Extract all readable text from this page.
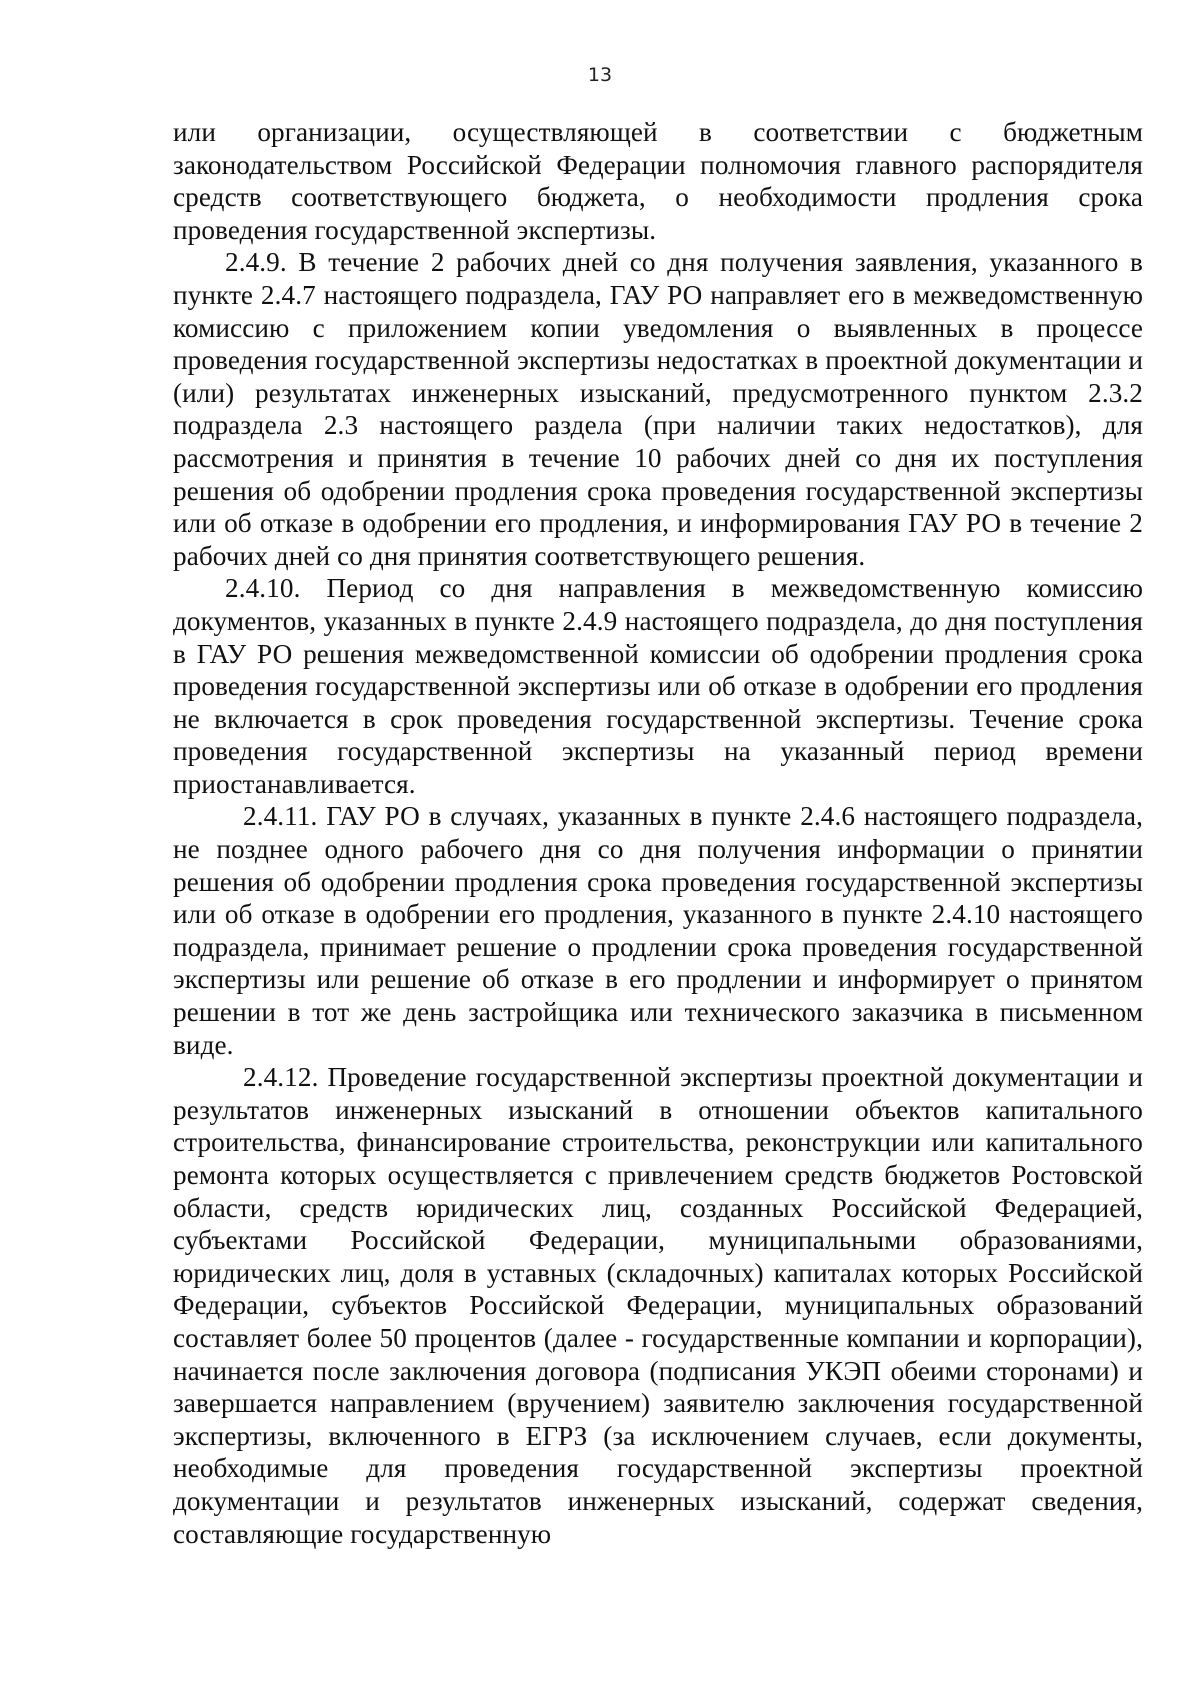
13

или организации, осуществляющей в соответствии с бюджетным законодательством Российской Федерации полномочия главного распорядителя средств соответствующего бюджета, о необходимости продления срока проведения государственной экспертизы.

2.4.9. В течение 2 рабочих дней со дня получения заявления, указанного в пункте 2.4.7 настоящего подраздела, ГАУ РО направляет его в межведомственную комиссию с приложением копии уведомления о выявленных в процессе проведения государственной экспертизы недостатках в проектной документации и (или) результатах инженерных изысканий, предусмотренного пунктом 2.3.2 подраздела 2.3 настоящего раздела (при наличии таких недостатков), для рассмотрения и принятия в течение 10 рабочих дней со дня их поступления решения об одобрении продления срока проведения государственной экспертизы или об отказе в одобрении его продления, и информирования ГАУ РО в течение 2 рабочих дней со дня принятия соответствующего решения.

2.4.10. Период со дня направления в межведомственную комиссию документов, указанных в пункте 2.4.9 настоящего подраздела, до дня поступления в ГАУ РО решения межведомственной комиссии об одобрении продления срока проведения государственной экспертизы или об отказе в одобрении его продления не включается в срок проведения государственной экспертизы. Течение срока проведения государственной экспертизы на указанный период времени приостанавливается.

2.4.11. ГАУ РО в случаях, указанных в пункте 2.4.6 настоящего подраздела, не позднее одного рабочего дня со дня получения информации о принятии решения об одобрении продления срока проведения государственной экспертизы или об отказе в одобрении его продления, указанного в пункте 2.4.10 настоящего подраздела, принимает решение о продлении срока проведения государственной экспертизы или решение об отказе в его продлении и информирует о принятом решении в тот же день застройщика или технического заказчика в письменном виде.

2.4.12. Проведение государственной экспертизы проектной документации и результатов инженерных изысканий в отношении объектов капитального строительства, финансирование строительства, реконструкции или капитального ремонта которых осуществляется с привлечением средств бюджетов Ростовской области, средств юридических лиц, созданных Российской Федерацией, субъектами Российской Федерации, муниципальными образованиями, юридических лиц, доля в уставных (складочных) капиталах которых Российской Федерации, субъектов Российской Федерации, муниципальных образований составляет более 50 процентов (далее - государственные компании и корпорации), начинается после заключения договора (подписания УКЭП обеими сторонами) и завершается направлением (вручением) заявителю заключения государственной экспертизы, включенного в ЕГРЗ (за исключением случаев, если документы, необходимые для проведения государственной экспертизы проектной документации и результатов инженерных изысканий, содержат сведения, составляющие государственную
